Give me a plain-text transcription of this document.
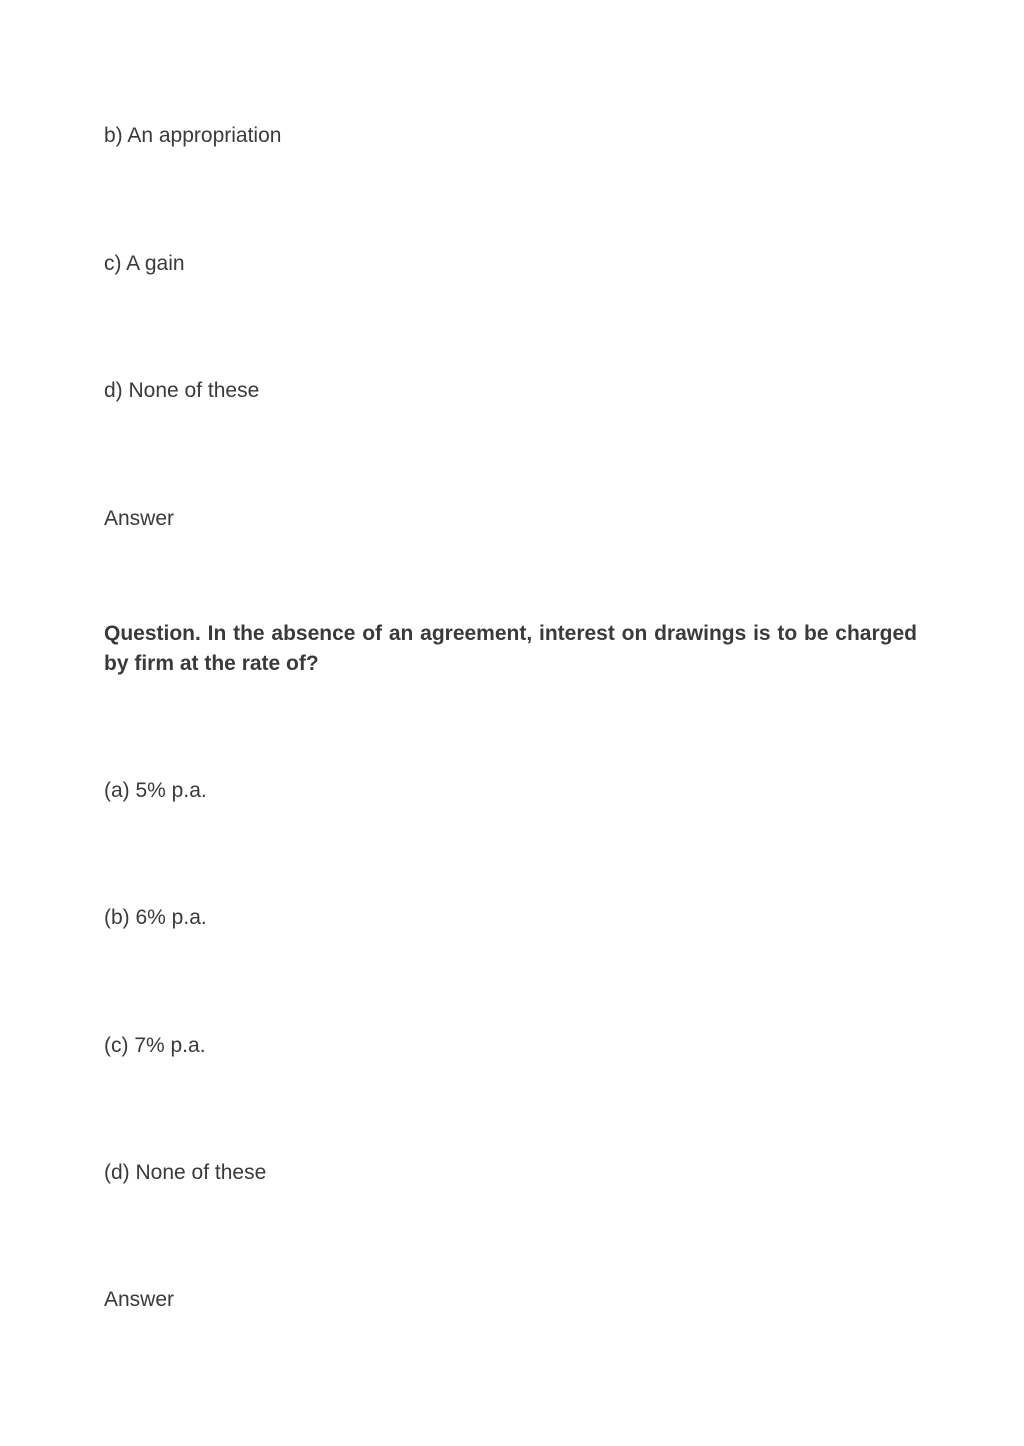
b) An appropriation
c) A gain
d) None of these
Answer
Question. In the absence of an agreement, interest on drawings is to be charged by firm at the rate of?
(a) 5% p.a.
(b) 6% p.a.
(c) 7% p.a.
(d) None of these
Answer
